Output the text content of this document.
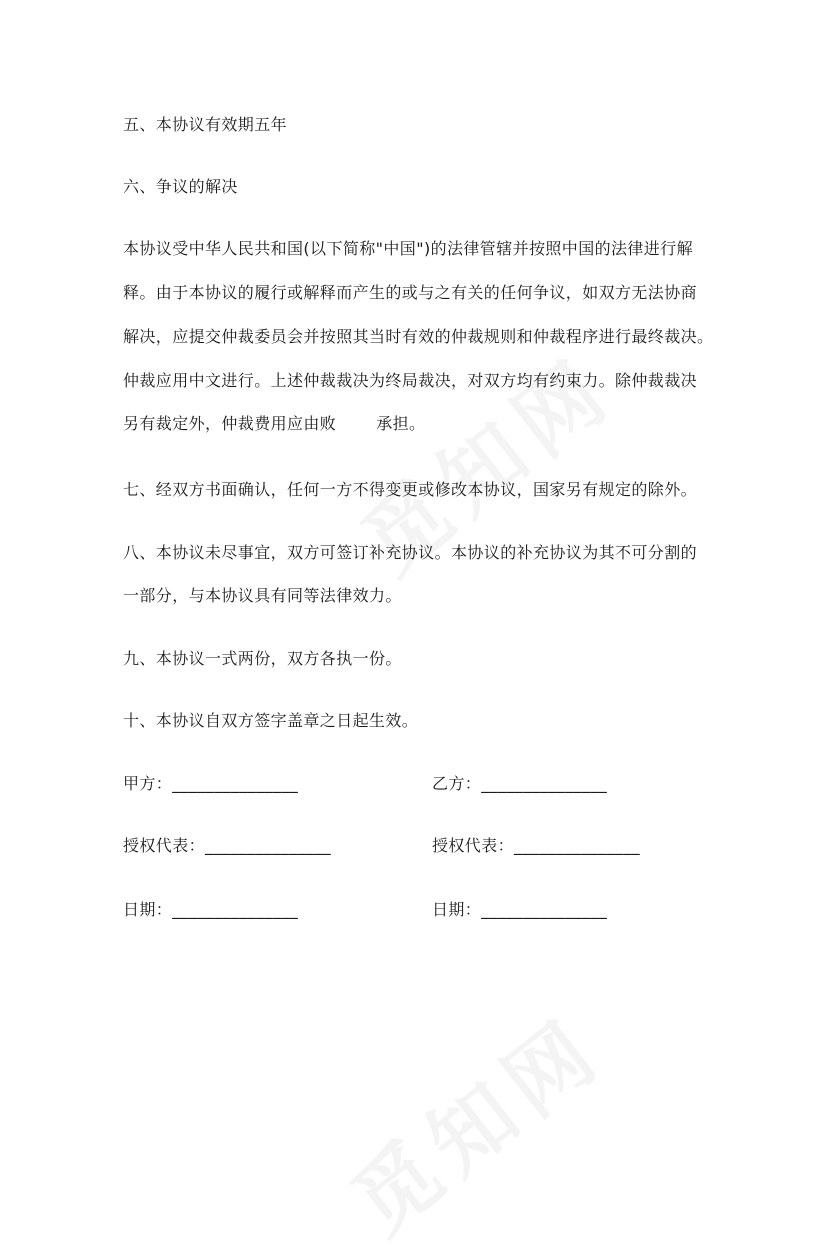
五、本协议有效期五年

六、争议的解决

本协议受中华人民共和国(以下简称"中国")的法律管辖并按照中国的法律进行解

释。由于本协议的履行或解释而产生的或与之有关的任何争议，如双方无法协商

解决，应提交仲裁委员会并按照其当时有效的仲裁规则和仲裁程序进行最终裁决。

仲裁应用中文进行。上述仲裁裁决为终局裁决，对双方均有约束力。除仲裁裁决

另有裁定外，仲裁费用应由败	承担。

七、经双方书面确认，任何一方不得变更或修改本协议，国家另有规定的除外。

八、本协议未尽事宜，双方可签订补充协议。本协议的补充协议为其不可分割的

一部分，与本协议具有同等法律效力。

九、本协议一式两份，双方各执一份。

十、本协议自双方签字盖章之日起生效。

甲方：_______________	乙方：_______________

授权代表：_______________	授权代表：_______________

日期：_______________	日期：_______________
